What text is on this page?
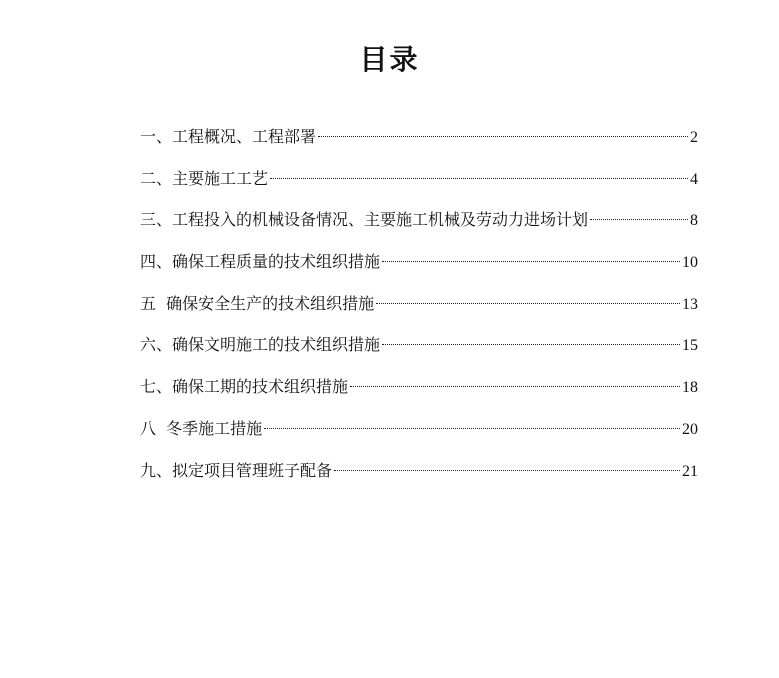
目录
一、工程概况、工程部署	2
二、主要施工工艺	4
三、工程投入的机械设备情况、主要施工机械及劳动力进场计划	8
四、确保工程质量的技术组织措施	10
五  确保安全生产的技术组织措施	13
六、确保文明施工的技术组织措施	15
七、确保工期的技术组织措施	18
八  冬季施工措施	20
九、拟定项目管理班子配备	21
